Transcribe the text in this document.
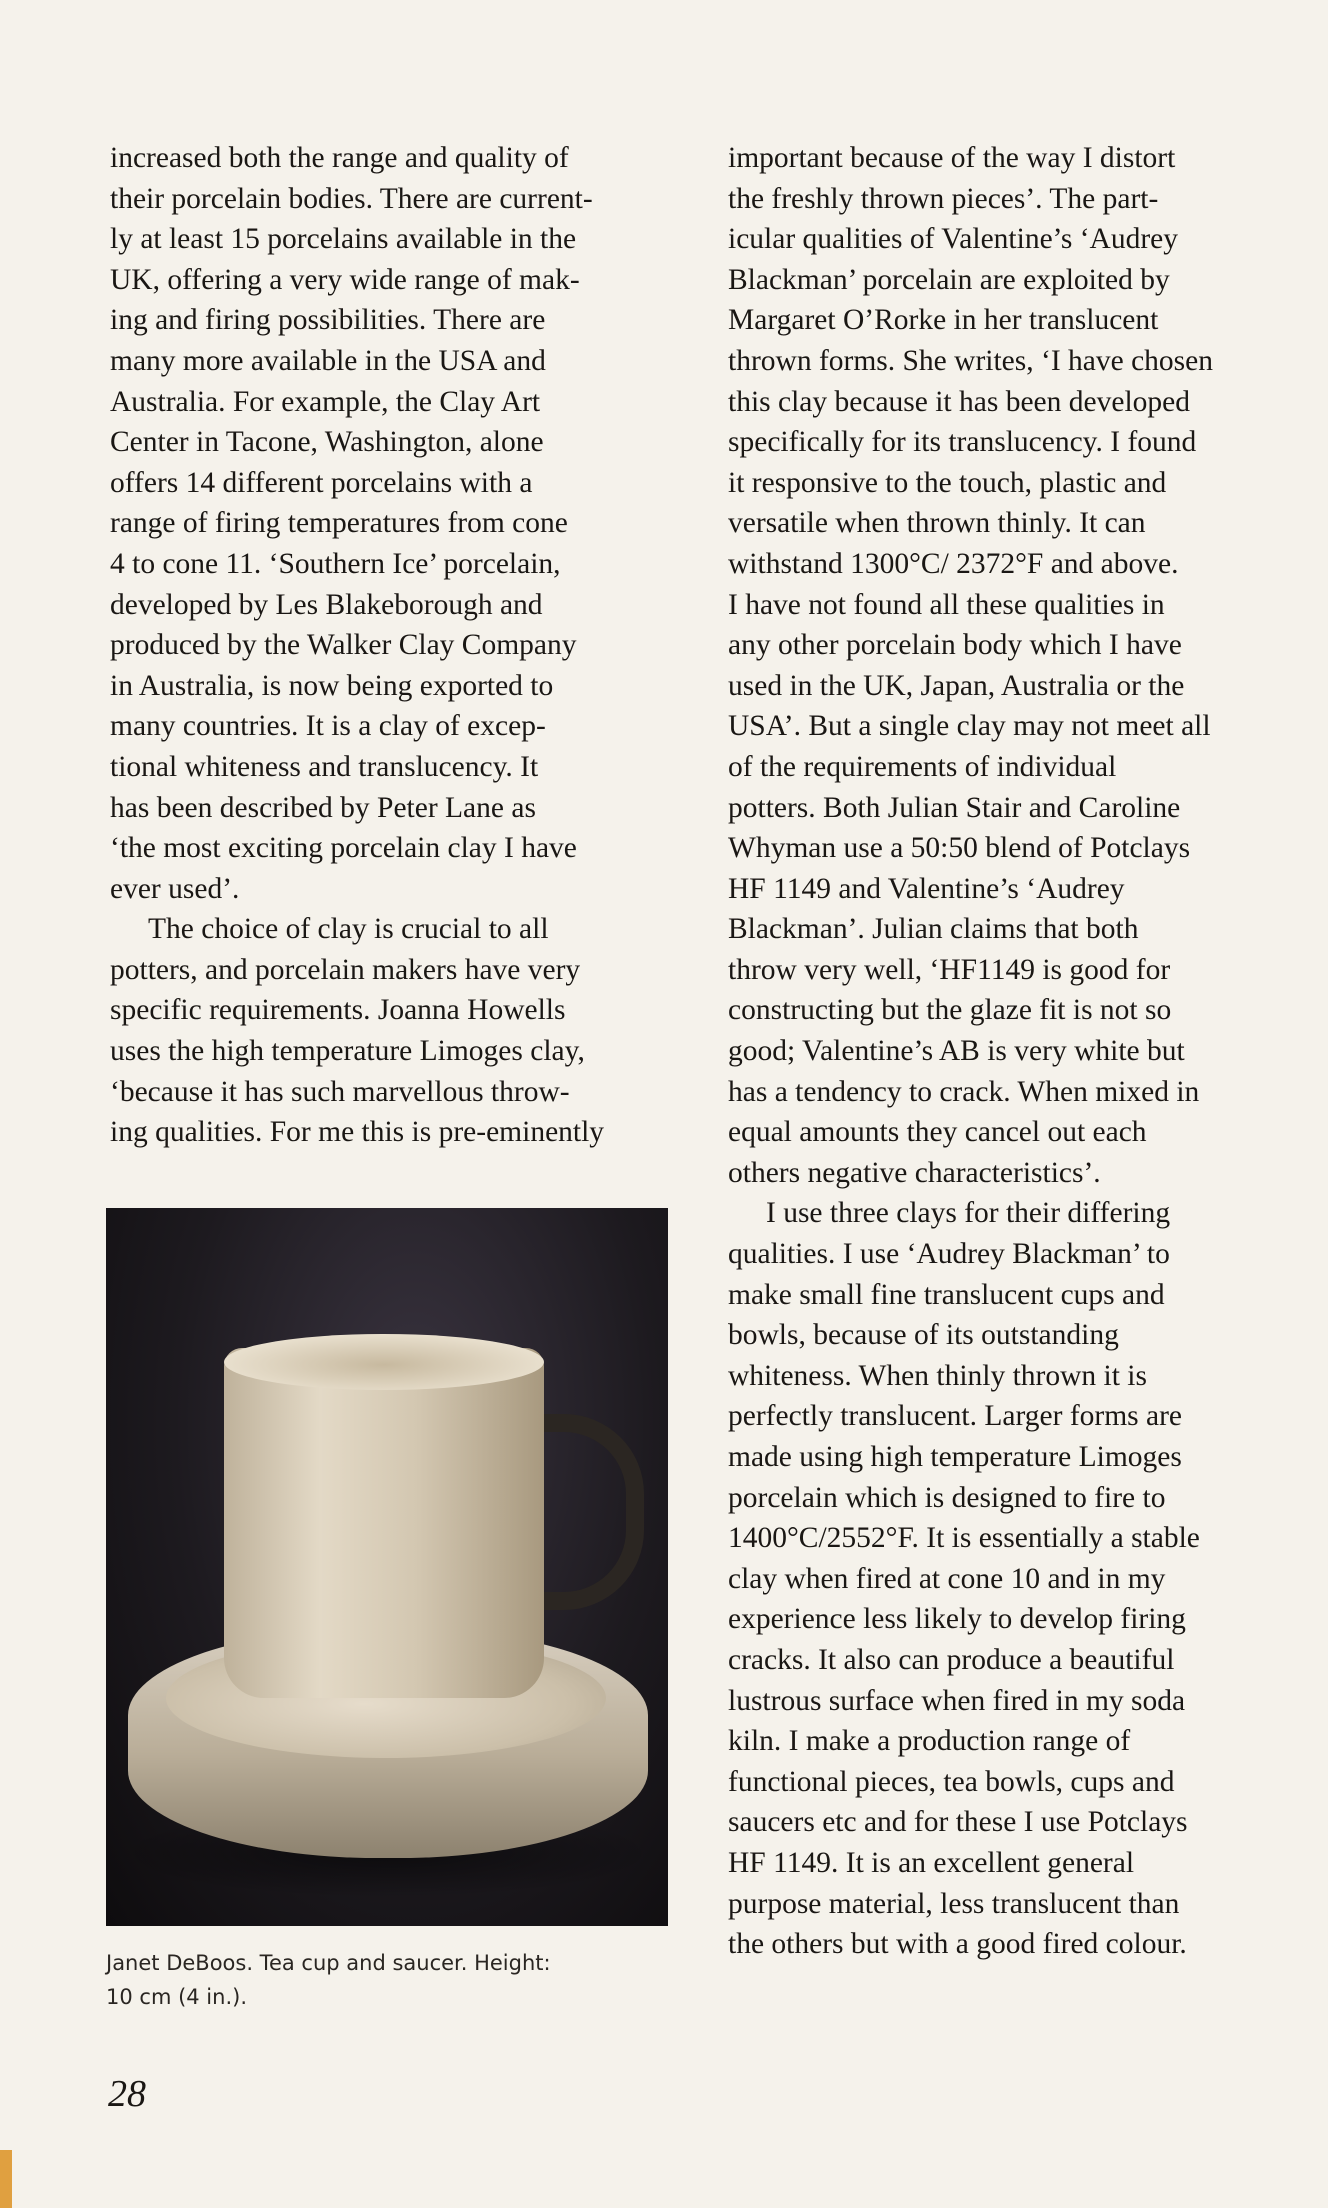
increased both the range and quality of
their porcelain bodies. There are current-
ly at least 15 porcelains available in the
UK, offering a very wide range of mak-
ing and firing possibilities. There are
many more available in the USA and
Australia. For example, the Clay Art
Center in Tacone, Washington, alone
offers 14 different porcelains with a
range of firing temperatures from cone
4 to cone 11. ‘Southern Ice’ porcelain,
developed by Les Blakeborough and
produced by the Walker Clay Company
in Australia, is now being exported to
many countries. It is a clay of excep-
tional whiteness and translucency. It
has been described by Peter Lane as
‘the most exciting porcelain clay I have
ever used’.
The choice of clay is crucial to all
potters, and porcelain makers have very
specific requirements. Joanna Howells
uses the high temperature Limoges clay,
‘because it has such marvellous throw-
ing qualities. For me this is pre-eminently
Janet DeBoos. Tea cup and saucer. Height:
10 cm (4 in.).
important because of the way I distort
the freshly thrown pieces’. The part-
icular qualities of Valentine’s ‘Audrey
Blackman’ porcelain are exploited by
Margaret O’Rorke in her translucent
thrown forms. She writes, ‘I have chosen
this clay because it has been developed
specifically for its translucency. I found
it responsive to the touch, plastic and
versatile when thrown thinly. It can
withstand 1300°C/ 2372°F and above.
I have not found all these qualities in
any other porcelain body which I have
used in the UK, Japan, Australia or the
USA’. But a single clay may not meet all
of the requirements of individual
potters. Both Julian Stair and Caroline
Whyman use a 50:50 blend of Potclays
HF 1149 and Valentine’s ‘Audrey
Blackman’. Julian claims that both
throw very well, ‘HF1149 is good for
constructing but the glaze fit is not so
good; Valentine’s AB is very white but
has a tendency to crack. When mixed in
equal amounts they cancel out each
others negative characteristics’.
I use three clays for their differing
qualities. I use ‘Audrey Blackman’ to
make small fine translucent cups and
bowls, because of its outstanding
whiteness. When thinly thrown it is
perfectly translucent. Larger forms are
made using high temperature Limoges
porcelain which is designed to fire to
1400°C/2552°F. It is essentially a stable
clay when fired at cone 10 and in my
experience less likely to develop firing
cracks. It also can produce a beautiful
lustrous surface when fired in my soda
kiln. I make a production range of
functional pieces, tea bowls, cups and
saucers etc and for these I use Potclays
HF 1149. It is an excellent general
purpose material, less translucent than
the others but with a good fired colour.
28
